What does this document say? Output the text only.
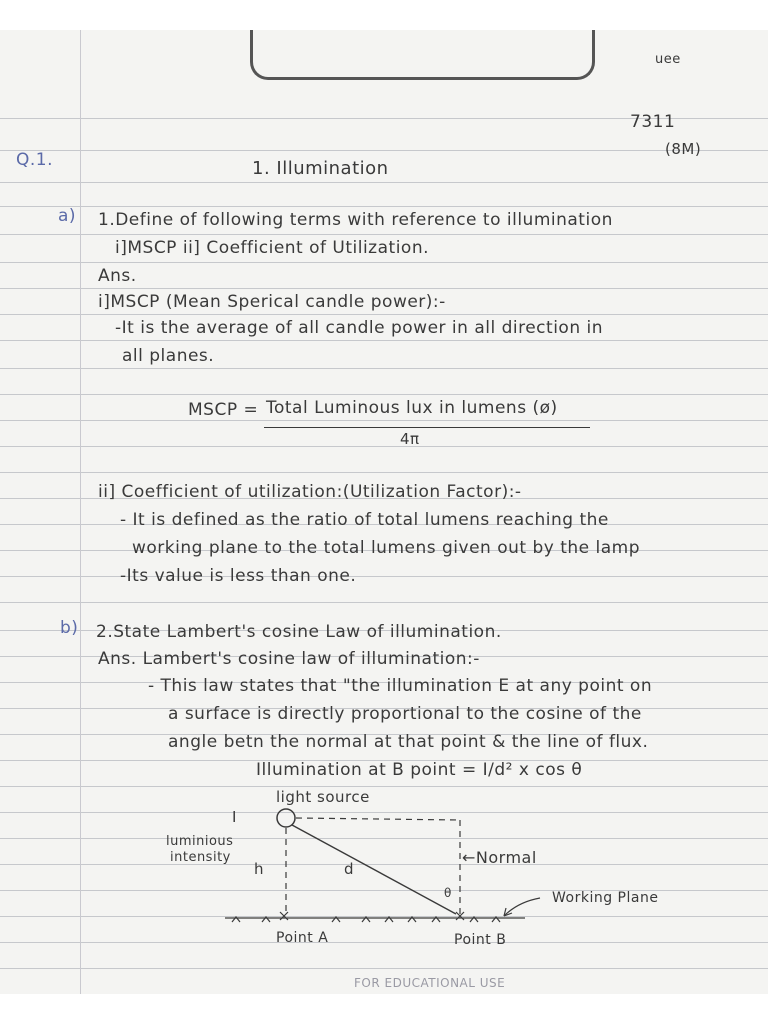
uee
7311
(8M)
Q.1.	1. Illumination
a) 1.Define of following terms with reference to illumination
i]MSCP ii] Coefficient of Utilization.
Ans.
i]MSCP (Mean Sperical candle power):-
-It is the average of all candle power in all direction in
all planes.
MSCP = Total Luminous lux in lumens (ø)
4π
ii] Coefficient of utilization:(Utilization Factor):-
- It is defined as the ratio of total lumens reaching the
working plane to the total lumens given out by the lamp
-Its value is less than one.
b) 2.State Lambert's cosine Law of illumination.
Ans. Lambert's cosine law of illumination:-
- This law states that "the illumination E at any point on
a surface is directly proportional to the cosine of the
angle betn the normal at that point & the line of flux.
Illumination at B point = I/d² x cos θ
light source
I
luminious
intensity
h	d
←Normal
θ	Working Plane
Point A	Point B
FOR EDUCATIONAL USE
